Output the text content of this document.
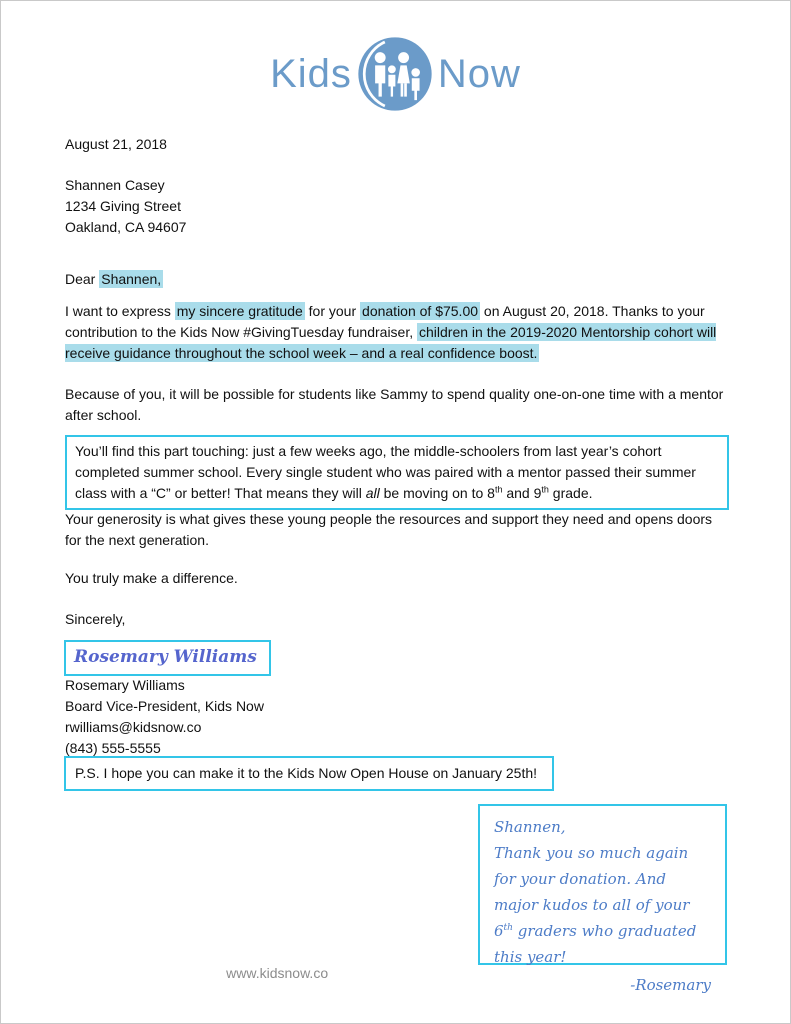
Kids Now
August 21, 2018
Shannen Casey
1234 Giving Street
Oakland, CA 94607
Dear Shannen,
I want to express my sincere gratitude for your donation of $75.00 on August 20, 2018. Thanks to your contribution to the Kids Now #GivingTuesday fundraiser, children in the 2019-2020 Mentorship cohort will receive guidance throughout the school week – and a real confidence boost.
Because of you, it will be possible for students like Sammy to spend quality one-on-one time with a mentor after school.
You’ll find this part touching: just a few weeks ago, the middle-schoolers from last year’s cohort completed summer school. Every single student who was paired with a mentor passed their summer class with a “C” or better! That means they will all be moving on to 8th and 9th grade.
Your generosity is what gives these young people the resources and support they need and opens doors for the next generation.
You truly make a difference.
Sincerely,
Rosemary Williams
Rosemary Williams
Board Vice-President, Kids Now
rwilliams@kidsnow.co
(843) 555-5555
P.S. I hope you can make it to the Kids Now Open House on January 25th!
Shannen,
Thank you so much again for your donation. And major kudos to all of your 6th graders who graduated this year!
-Rosemary
www.kidsnow.co
